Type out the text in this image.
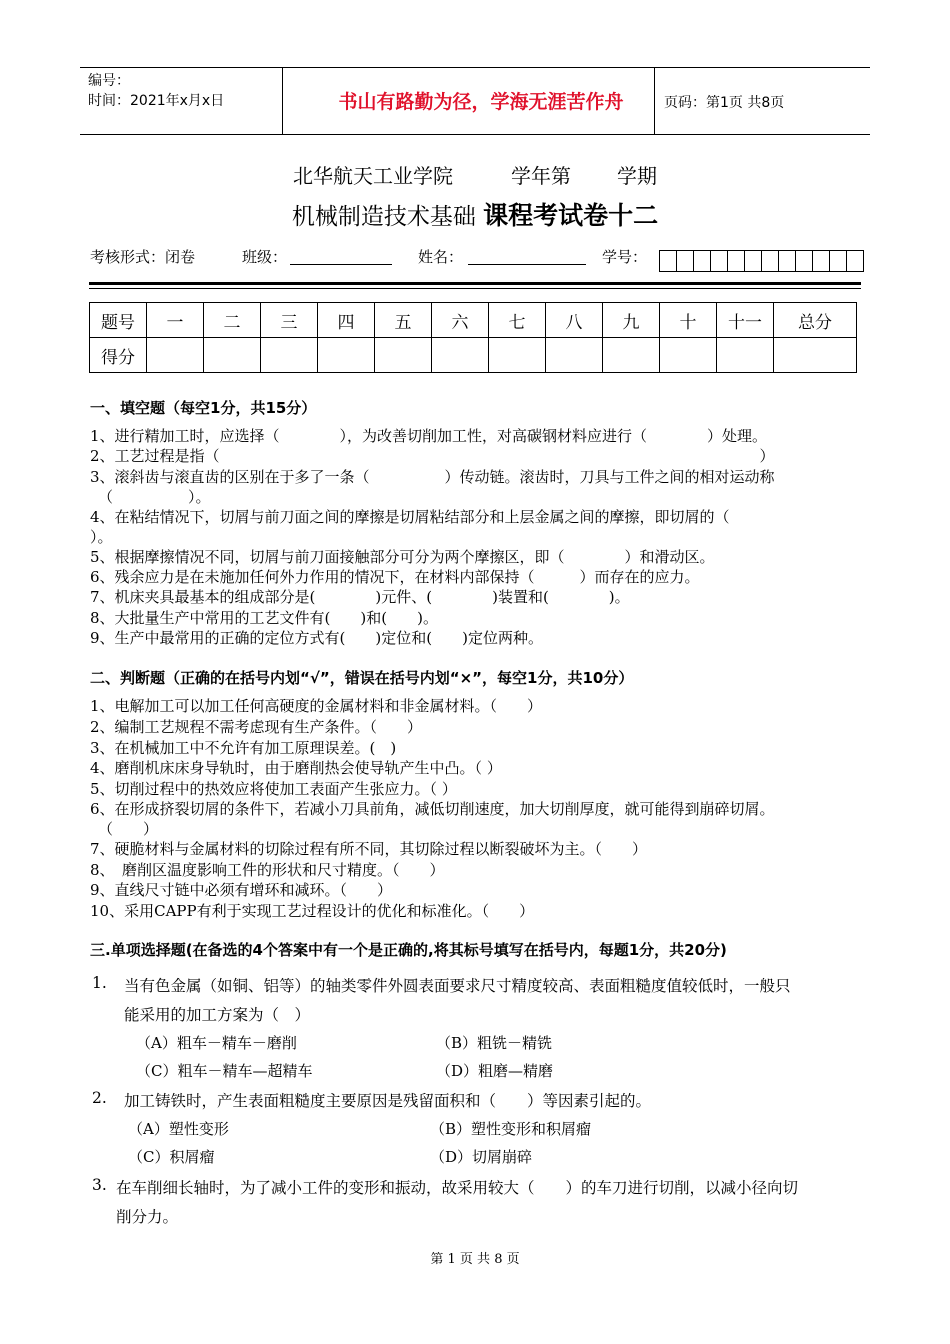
编号：
时间：2021年x月x日	书山有路勤为径，学海无涯苦作舟	页码：第1页 共8页
北华航天工业学院	学年第 学期
机械制造技术基础 课程考试卷十二
考核形式：闭卷	班级：	姓名：	学号：
题号	一	二	三	四	五	六	七	八	九	十	十一	总分
得分												
一、填空题（每空1分，共15分）
1、进行精加工时，应选择（　　　　），为改善切削加工性，对高碳钢材料应进行（　　　　）处理。
2、工艺过程是指（　　　　　　　　　　　　　　　　　　　　　　　　　　　　　　　　　　　　）
3、滚斜齿与滚直齿的区别在于多了一条（　　　　　）传动链。滚齿时，刀具与工件之间的相对运动称
（　　　　　）。
4、在粘结情况下，切屑与前刀面之间的摩擦是切屑粘结部分和上层金属之间的摩擦，即切屑的（
）。
5、根据摩擦情况不同，切屑与前刀面接触部分可分为两个摩擦区，即（　　　　）和滑动区。
6、残余应力是在未施加任何外力作用的情况下，在材料内部保持（　　　）而存在的应力。
7、机床夹具最基本的组成部分是(　　　　)元件、(　　　　)装置和(　　　　)。
8、大批量生产中常用的工艺文件有(　　)和(　　)。
9、生产中最常用的正确的定位方式有(　　)定位和(　　)定位两种。
二、判断题（正确的在括号内划“√”，错误在括号内划“×”，每空1分，共10分）
1、电解加工可以加工任何高硬度的金属材料和非金属材料。（　　）
2、编制工艺规程不需考虑现有生产条件。（　　）
3、在机械加工中不允许有加工原理误差。(　)
4、磨削机床床身导轨时，由于磨削热会使导轨产生中凸。（ ）
5、切削过程中的热效应将使加工表面产生张应力。（ ）
6、在形成挤裂切屑的条件下，若减小刀具前角，减低切削速度，加大切削厚度，就可能得到崩碎切屑。
（　　）
7、硬脆材料与金属材料的切除过程有所不同，其切除过程以断裂破坏为主。（　　）
8、　磨削区温度影响工件的形状和尺寸精度。（　　）
9、直线尺寸链中必须有增环和减环。（　　）
10、采用CAPP有利于实现工艺过程设计的优化和标准化。（　　）
三.单项选择题(在备选的4个答案中有一个是正确的,将其标号填写在括号内，每题1分，共20分)
1. 当有色金属（如铜、铝等）的轴类零件外圆表面要求尺寸精度较高、表面粗糙度值较低时，一般只
能采用的加工方案为（　）
（A）粗车－精车－磨削	（B）粗铣－精铣
（C）粗车－精车—超精车	（D）粗磨—精磨
2. 加工铸铁时，产生表面粗糙度主要原因是残留面积和（　　）等因素引起的。
（A）塑性变形	（B）塑性变形和积屑瘤
（C）积屑瘤	（D）切屑崩碎
3. 在车削细长轴时，为了减小工件的变形和振动，故采用较大（　　）的车刀进行切削，以减小径向切
削分力。
第 1 页 共 8 页
